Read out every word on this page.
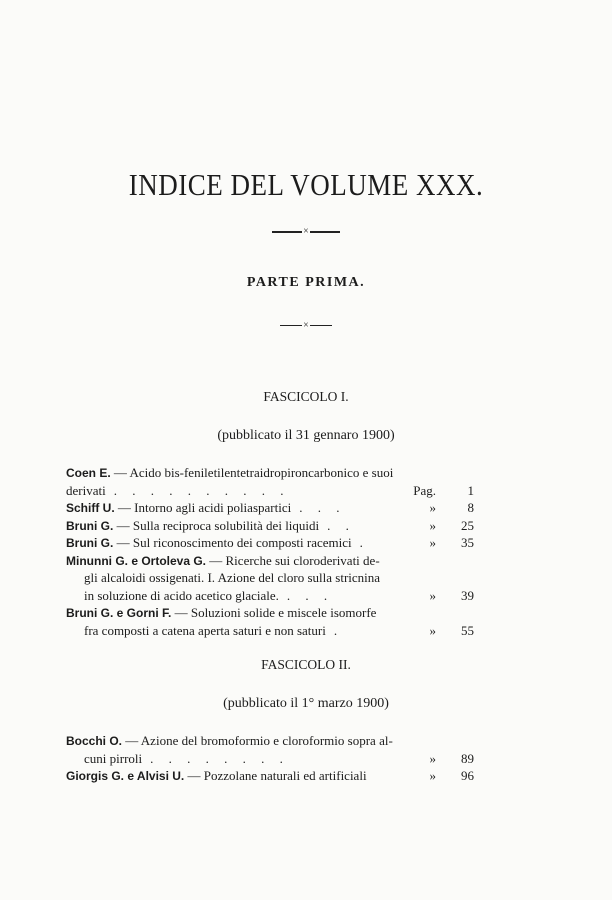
INDICE DEL VOLUME XXX.
×
PARTE PRIMA.
×
FASCICOLO I.
(pubblicato il 31 gennaro 1900)
Coen E. — Acido bis-feniletilentetraidropironcarbonico e suoi
derivati . . . . . . . . . .	Pag. 1
Schiff U. — Intorno agli acidi poliaspartici . . .	» 8
Bruni G. — Sulla reciproca solubilità dei liquidi . .	» 25
Bruni G. — Sul riconoscimento dei composti racemici .	» 35
Minunni G. e Ortoleva G. — Ricerche sui cloroderivati de-
gli alcaloidi ossigenati. I. Azione del cloro sulla stricnina
in soluzione di acido acetico glaciale. . . .	» 39
Bruni G. e Gorni F. — Soluzioni solide e miscele isomorfe
fra composti a catena aperta saturi e non saturi .	» 55
FASCICOLO II.
(pubblicato il 1° marzo 1900)
Bocchi O. — Azione del bromoformio e cloroformio sopra al-
cuni pirroli . . . . . . . .	» 89
Giorgis G. e Alvisi U. — Pozzolane naturali ed artificiali	» 96
